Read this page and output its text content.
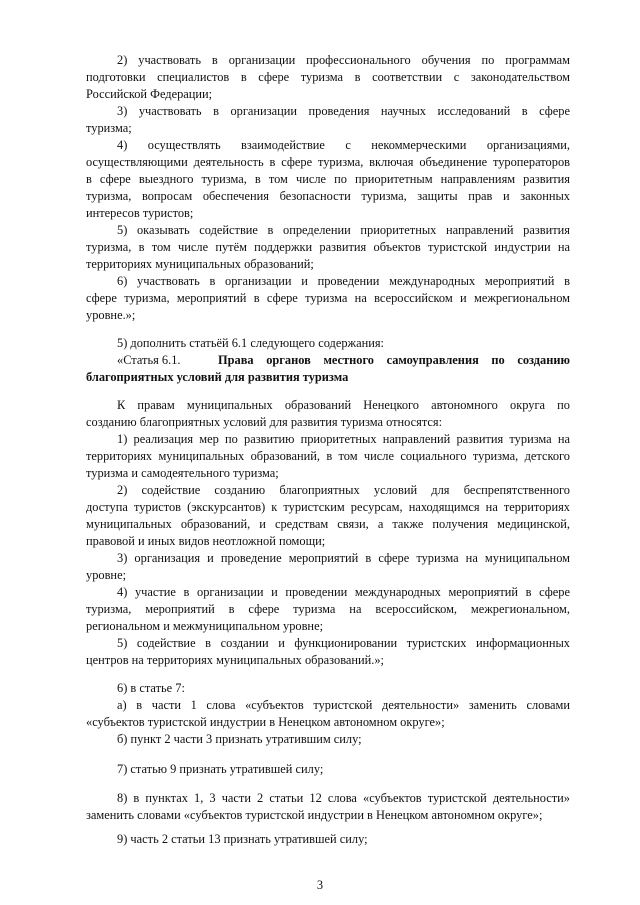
2) участвовать в организации профессионального обучения по программам

подготовки специалистов в сфере туризма в соответствии с законодательством

Российской Федерации;

3) участвовать в организации проведения научных исследований в сфере

туризма;

4) осуществлять взаимодействие с некоммерческими организациями,

осуществляющими деятельность в сфере туризма, включая объединение туроператоров

в сфере выездного туризма, в том числе по приоритетным направлениям развития

туризма, вопросам обеспечения безопасности туризма, защиты прав и законных

интересов туристов;

5) оказывать содействие в определении приоритетных направлений развития

туризма, в том числе путём поддержки развития объектов туристской индустрии на

территориях муниципальных образований;

6) участвовать в организации и проведении международных мероприятий в

сфере туризма, мероприятий в сфере туризма на всероссийском и межрегиональном

уровне.»;

5) дополнить статьёй 6.1 следующего содержания:

«Статья 6.1.	Права органов местного самоуправления по созданию

благоприятных условий для развития туризма

К правам муниципальных образований Ненецкого автономного округа по

созданию благоприятных условий для развития туризма относятся:

1) реализация мер по развитию приоритетных направлений развития туризма на

территориях муниципальных образований, в том числе социального туризма, детского

туризма и самодеятельного туризма;

2) содействие созданию благоприятных условий для беспрепятственного

доступа туристов (экскурсантов) к туристским ресурсам, находящимся на территориях

муниципальных образований, и средствам связи, а также получения медицинской,

правовой и иных видов неотложной помощи;

3) организация и проведение мероприятий в сфере туризма на муниципальном

уровне;

4) участие в организации и проведении международных мероприятий в сфере

туризма, мероприятий в сфере туризма на всероссийском, межрегиональном,

региональном и межмуниципальном уровне;

5) содействие в создании и функционировании туристских информационных

центров на территориях муниципальных образований.»;

6) в статье 7:

а) в части 1 слова «субъектов туристской деятельности» заменить словами

«субъектов туристской индустрии в Ненецком автономном округе»;

б) пункт 2 части 3 признать утратившим силу;

7) статью 9 признать утратившей силу;

8) в пунктах 1, 3 части 2 статьи 12 слова «субъектов туристской деятельности»

заменить словами «субъектов туристской индустрии в Ненецком автономном округе»;

9) часть 2 статьи 13 признать утратившей силу;

3
